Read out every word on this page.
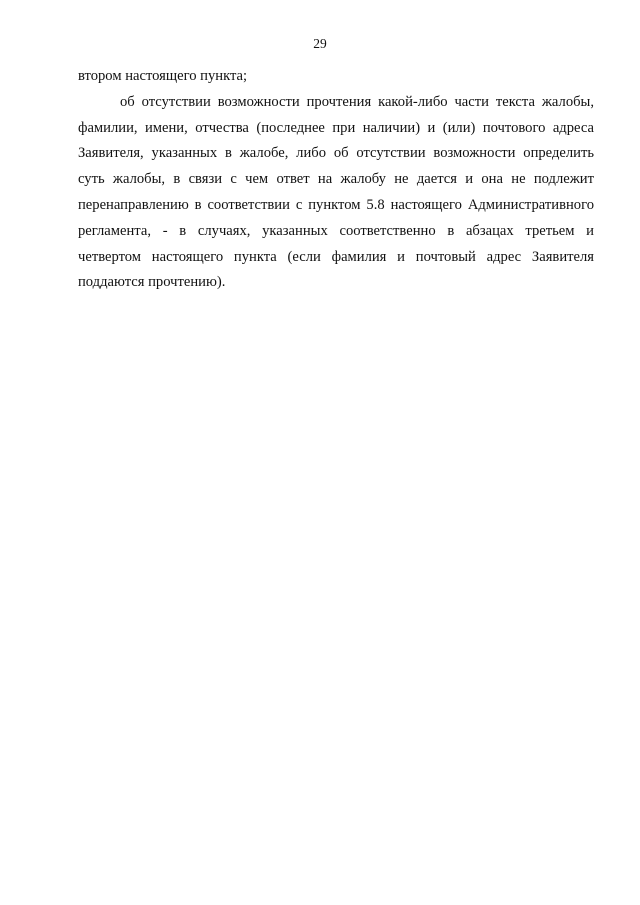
29
втором настоящего пункта;
об отсутствии возможности прочтения какой-либо части текста жалобы,
фамилии, имени, отчества (последнее при наличии) и (или) почтового адреса
Заявителя, указанных в жалобе, либо об отсутствии возможности определить
суть жалобы, в связи с чем ответ на жалобу не дается и она не подлежит
перенаправлению в соответствии с пунктом 5.8 настоящего Административного
регламента, - в случаях, указанных соответственно в абзацах третьем и
четвертом настоящего пункта (если фамилия и почтовый адрес Заявителя
поддаются прочтению).
